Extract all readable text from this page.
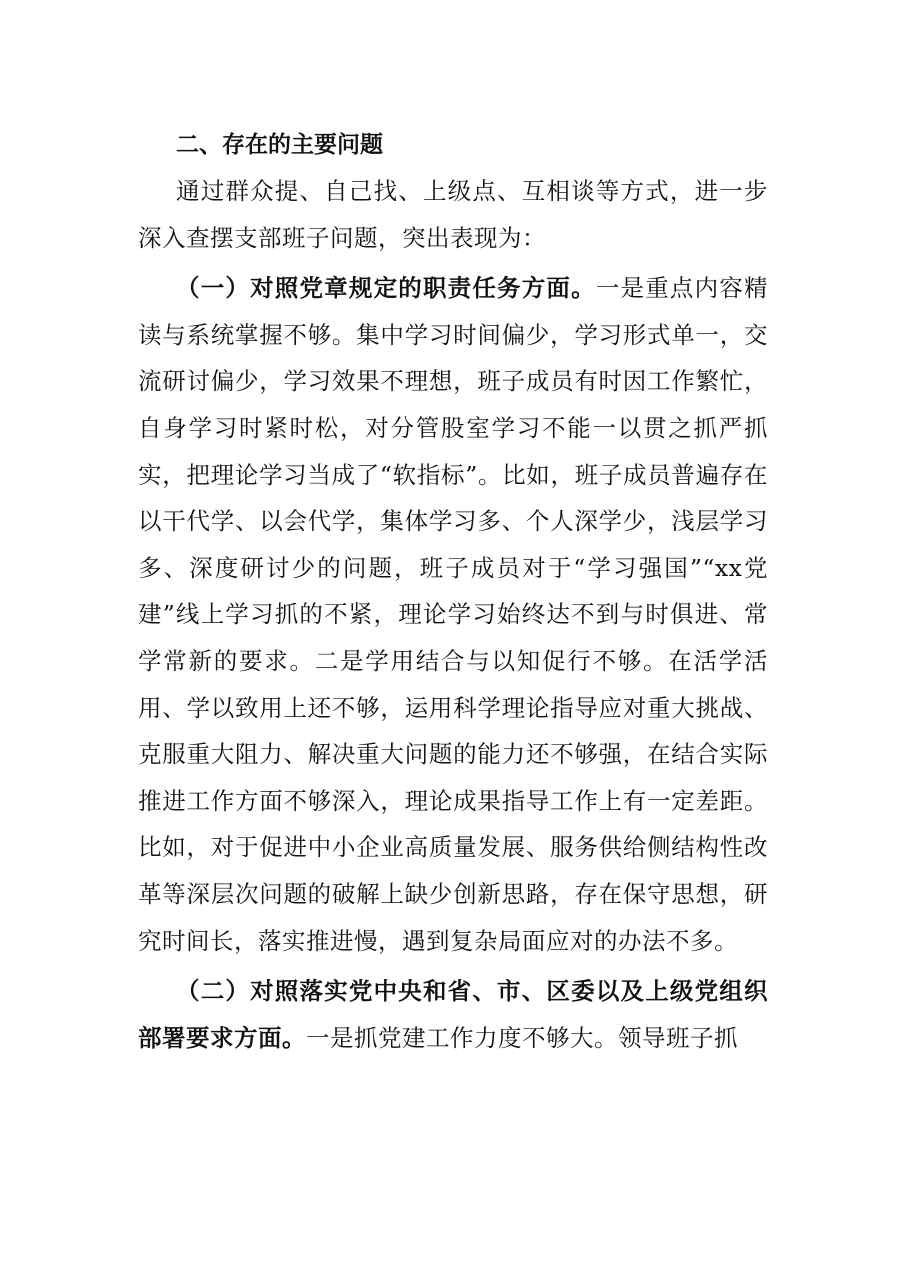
二、存在的主要问题

通过群众提、自己找、上级点、互相谈等方式，进一步深入查摆支部班子问题，突出表现为：

（一）对照党章规定的职责任务方面。一是重点内容精读与系统掌握不够。集中学习时间偏少，学习形式单一，交流研讨偏少，学习效果不理想，班子成员有时因工作繁忙，自身学习时紧时松，对分管股室学习不能一以贯之抓严抓实，把理论学习当成了“软指标”。比如，班子成员普遍存在以干代学、以会代学，集体学习多、个人深学少，浅层学习多、深度研讨少的问题，班子成员对于“学习强国”“xx党建”线上学习抓的不紧，理论学习始终达不到与时俱进、常学常新的要求。二是学用结合与以知促行不够。在活学活用、学以致用上还不够，运用科学理论指导应对重大挑战、克服重大阻力、解决重大问题的能力还不够强，在结合实际推进工作方面不够深入，理论成果指导工作上有一定差距。比如，对于促进中小企业高质量发展、服务供给侧结构性改革等深层次问题的破解上缺少创新思路，存在保守思想，研究时间长，落实推进慢，遇到复杂局面应对的办法不多。

（二）对照落实党中央和省、市、区委以及上级党组织部署要求方面。一是抓党建工作力度不够大。领导班子抓
